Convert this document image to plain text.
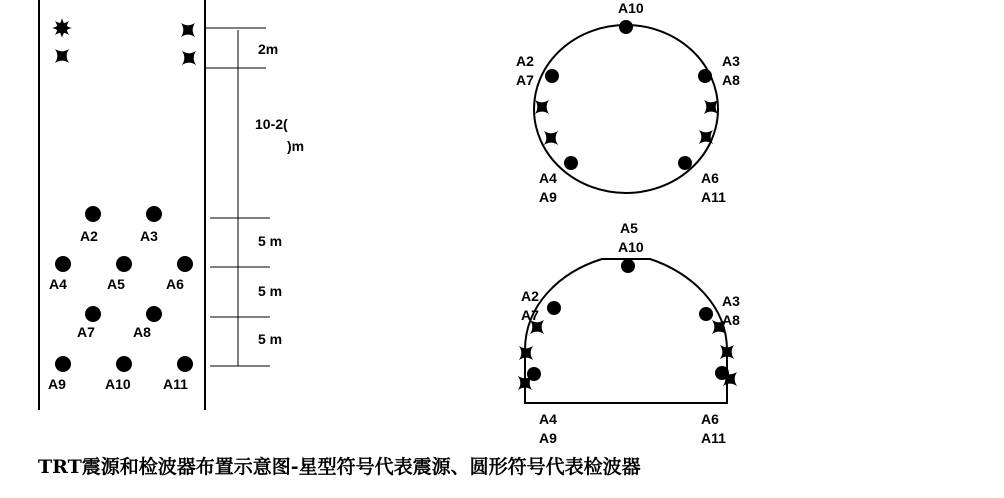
2m
10-2(
)m
5 m
5 m
5 m
A2	A3
A4	A5	A6
A7	A8
A9	A10 A11
A10
A2
A7
A3
A8
A4
A9
A6
A11
A5
A10
A2
A7
A3
A8
A4
A9
A6
A11
TRT震源和检波器布置示意图-星型符号代表震源、圆形符号代表检波器
